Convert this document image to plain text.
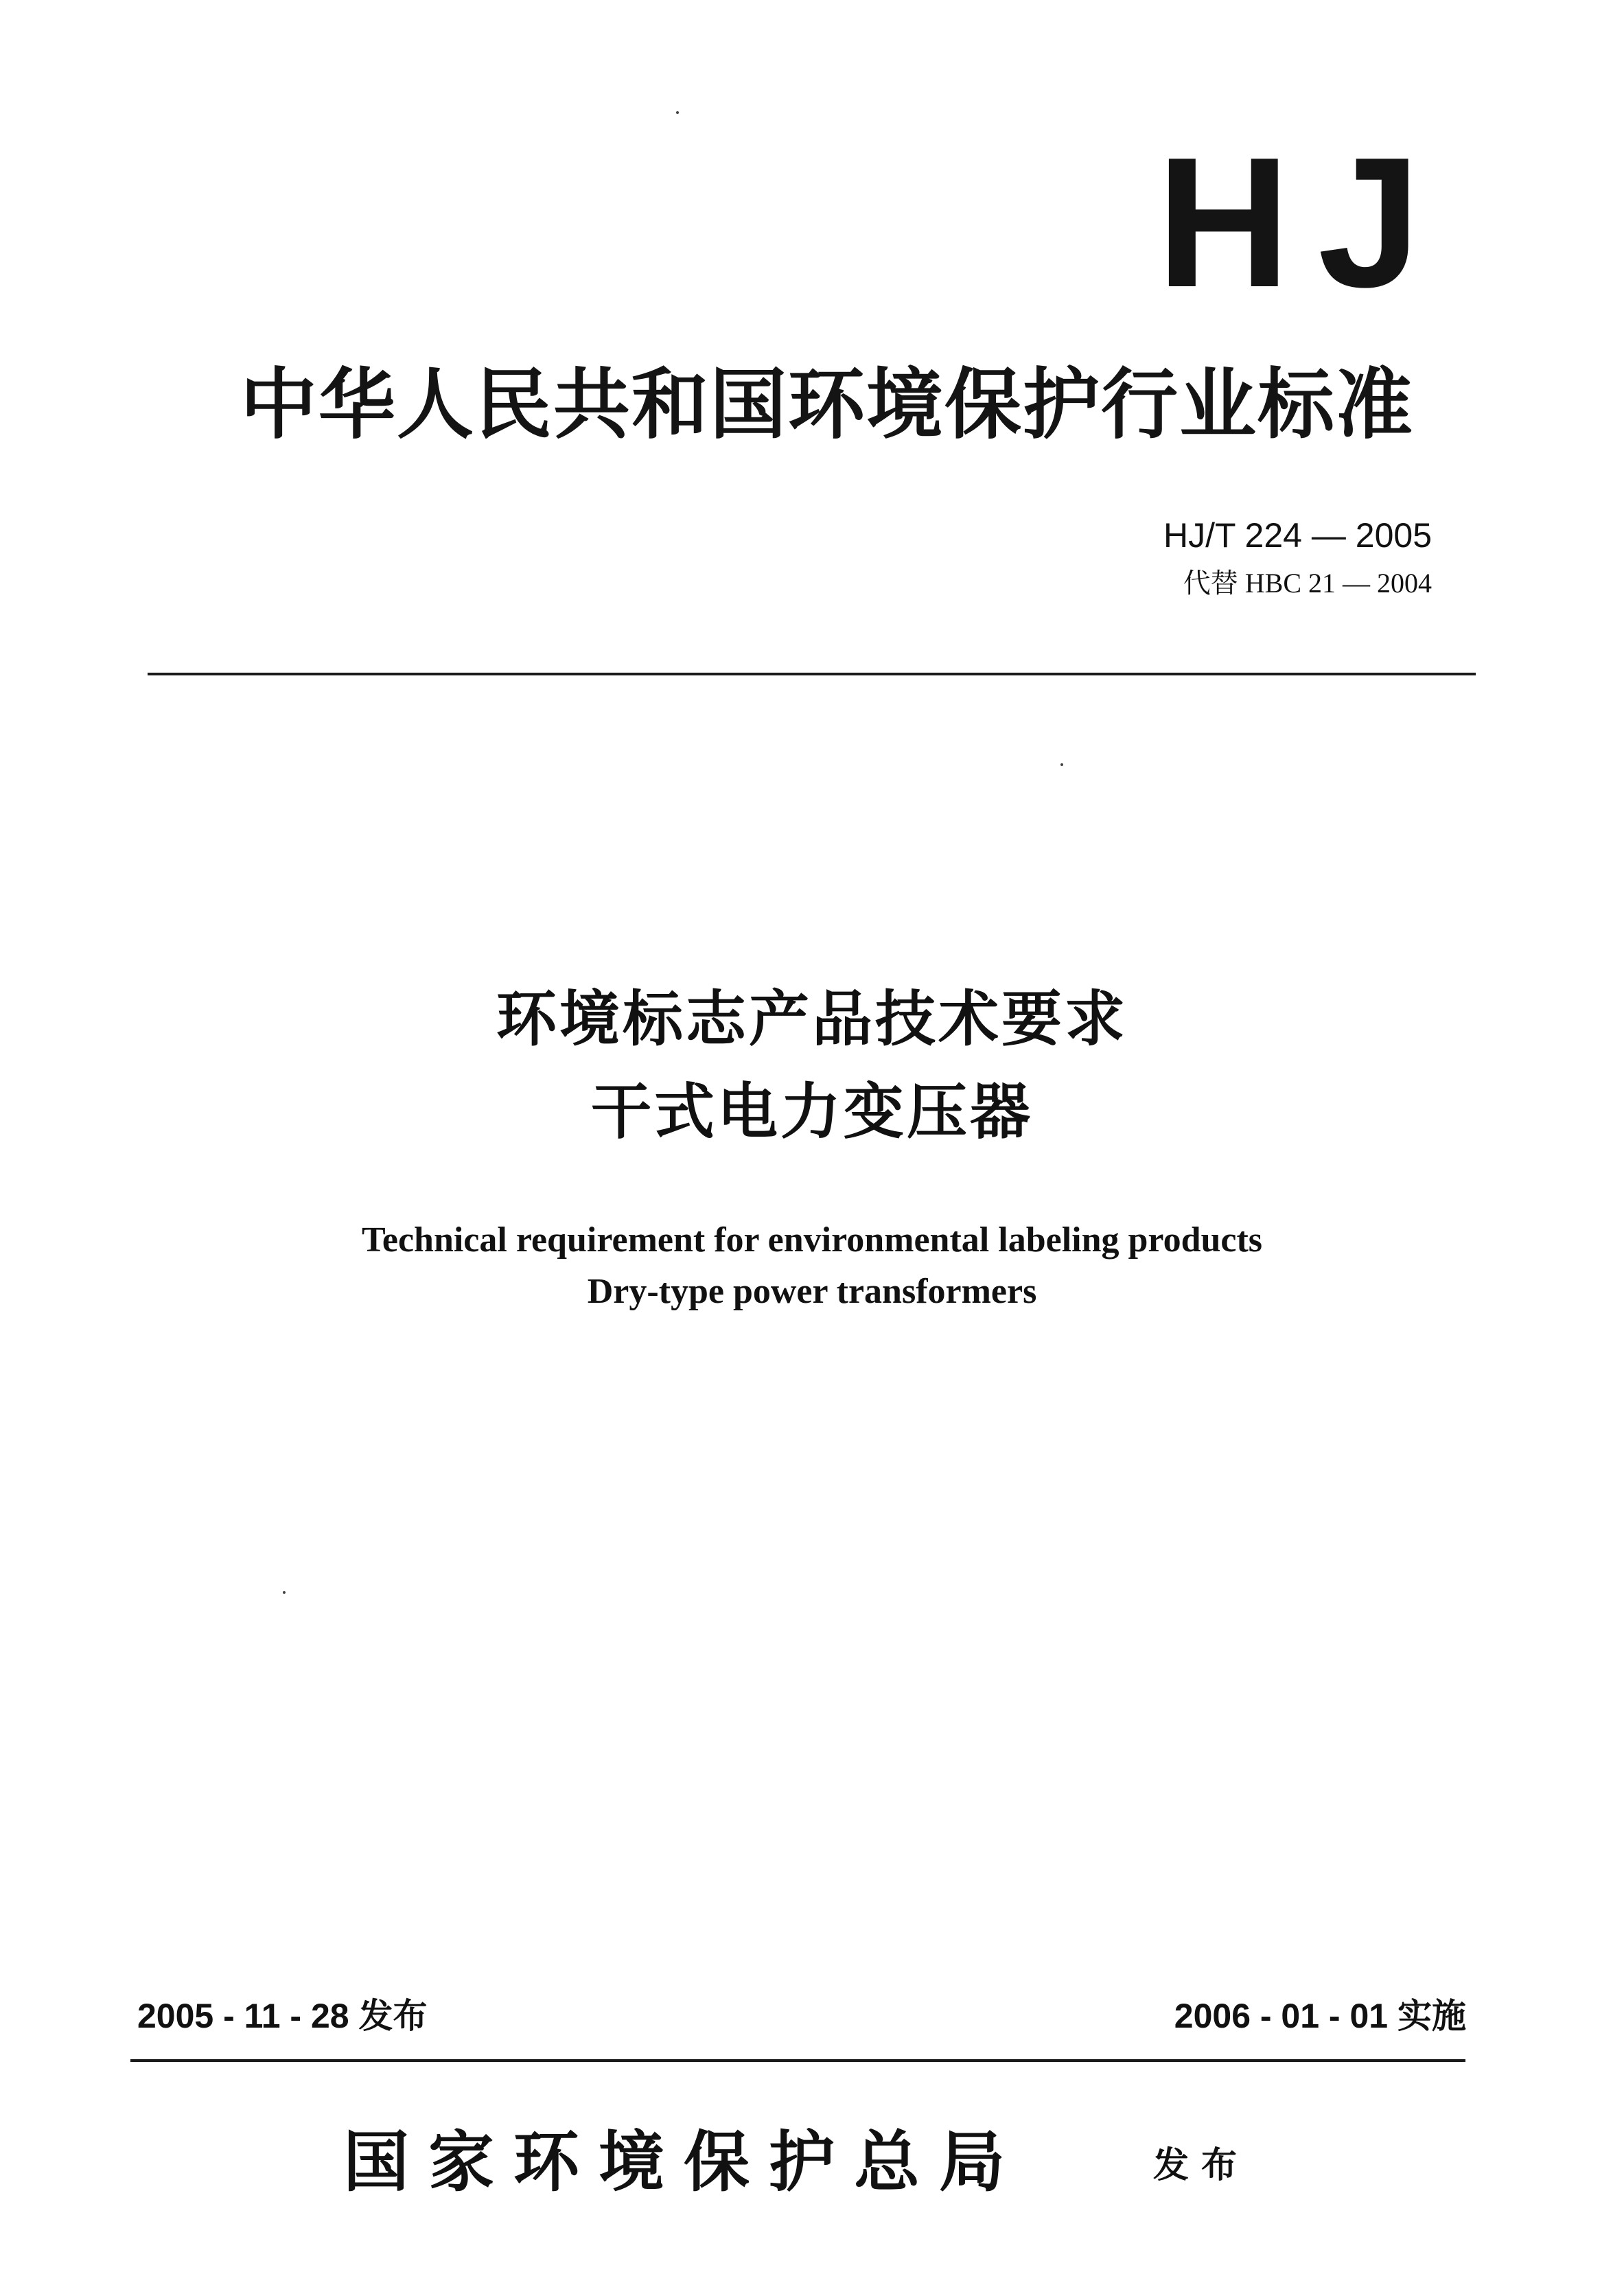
HJ
中华人民共和国环境保护行业标准
HJ/T 224 — 2005
代替 HBC 21 — 2004
环境标志产品技术要求
干式电力变压器
Technical requirement for environmental labeling products
Dry-type power transformers
2005 - 11 - 28 发布	2006 - 01 - 01 实施
国家环境保护总局	发布
